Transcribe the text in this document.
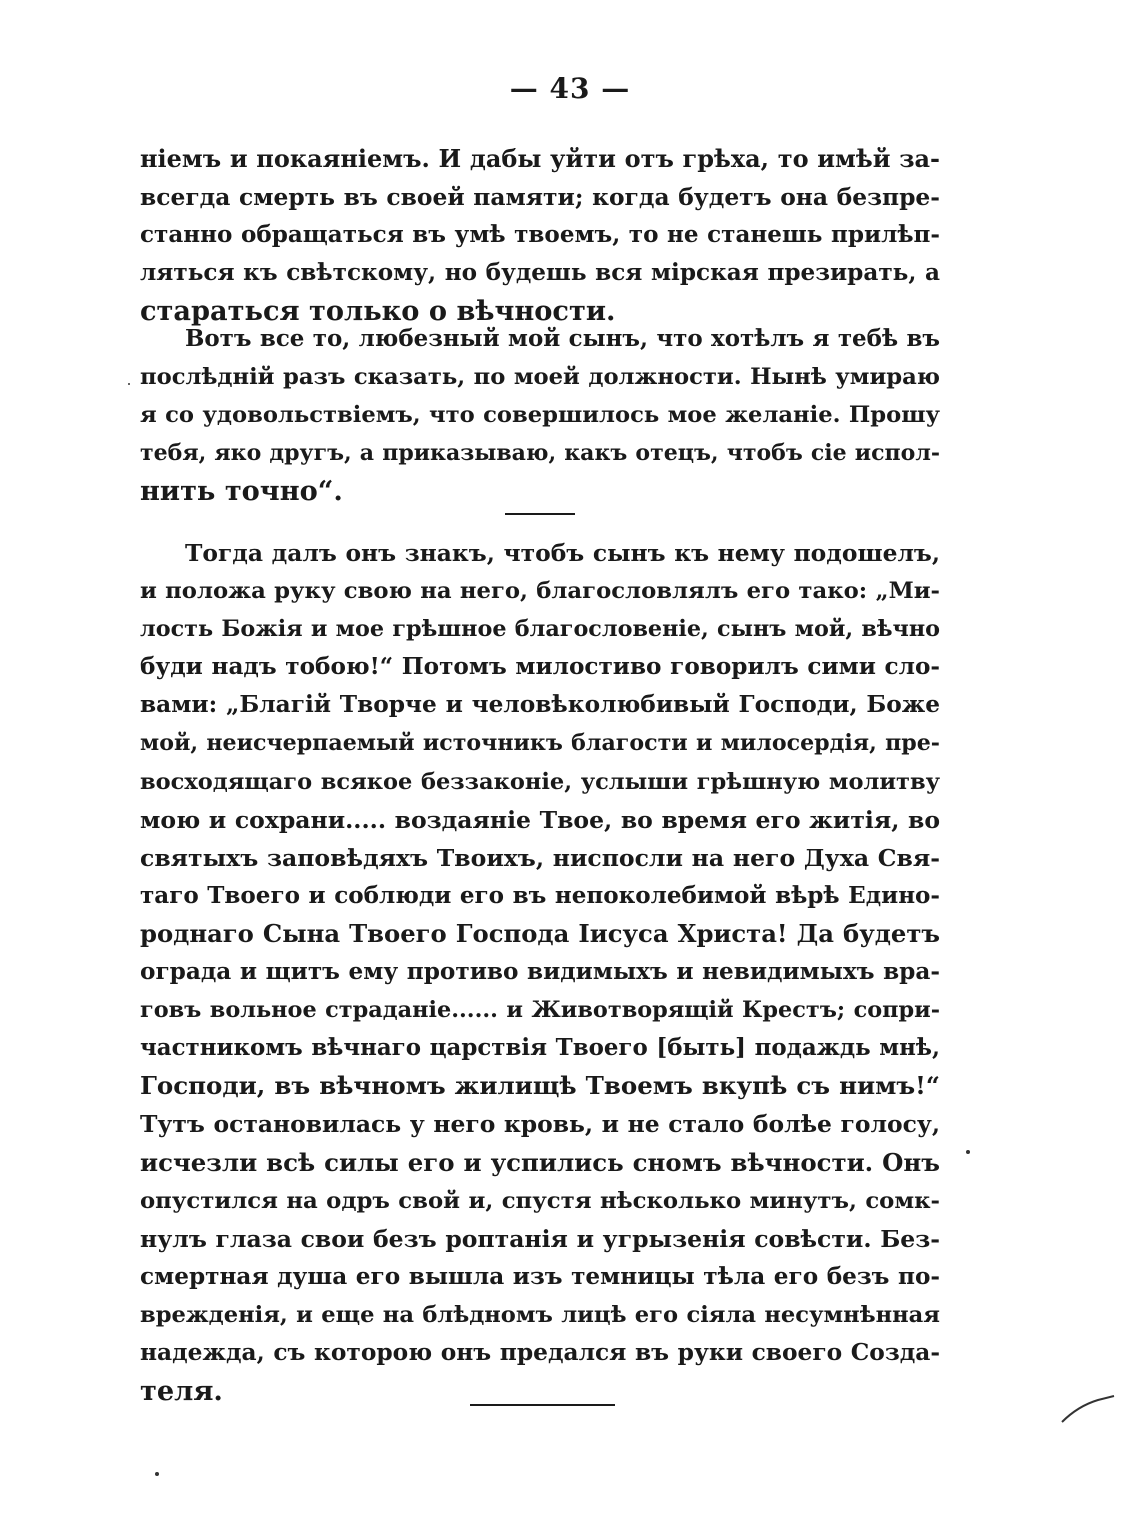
— 43 —
ніемъ и покаяніемъ. И дабы уйти отъ грѣха, то имѣй за-
всегда смерть въ своей памяти; когда будетъ она безпре-
станно обращаться въ умѣ твоемъ, то не станешь прилѣп-
ляться къ свѣтскому, но будешь вся мірская презирать, а
стараться только о вѣчности.
Вотъ все то, любезный мой сынъ, что хотѣлъ я тебѣ въ
послѣдній разъ сказать, по моей должности. Нынѣ умираю
я со удовольствіемъ, что совершилось мое желаніе. Прошу
тебя, яко другъ, а приказываю, какъ отецъ, чтобъ сіе испол-
нить точно“.
Тогда далъ онъ знакъ, чтобъ сынъ къ нему подошелъ,
и положа руку свою на него, благословлялъ его тако: „Ми-
лость Божія и мое грѣшное благословеніе, сынъ мой, вѣчно
буди надъ тобою!“ Потомъ милостиво говорилъ сими сло-
вами: „Благій Творче и человѣколюбивый Господи, Боже
мой, неисчерпаемый источникъ благости и милосердія, пре-
восходящаго всякое беззаконіе, услыши грѣшную молитву
мою и сохрани..... воздаяніе Твое, во время его житія, во
святыхъ заповѣдяхъ Твоихъ, ниспосли на него Духа Свя-
таго Твоего и соблюди его въ непоколебимой вѣрѣ Едино-
роднаго Сына Твоего Господа Іисуса Христа! Да будетъ
ограда и щитъ ему противо видимыхъ и невидимыхъ вра-
говъ вольное страданіе...... и Животворящій Крестъ; сопри-
частникомъ вѣчнаго царствія Твоего [быть] подаждь мнѣ,
Господи, въ вѣчномъ жилищѣ Твоемъ вкупѣ съ нимъ!“
Тутъ остановилась у него кровь, и не стало болѣе голосу,
исчезли всѣ силы его и успились сномъ вѣчности. Онъ
опустился на одръ свой и, спустя нѣсколько минутъ, сомк-
нулъ глаза свои безъ роптанія и угрызенія совѣсти. Без-
смертная душа его вышла изъ темницы тѣла его безъ по-
врежденія, и еще на блѣдномъ лицѣ его сіяла несумнѣнная
надежда, съ которою онъ предался въ руки своего Созда-
теля.
